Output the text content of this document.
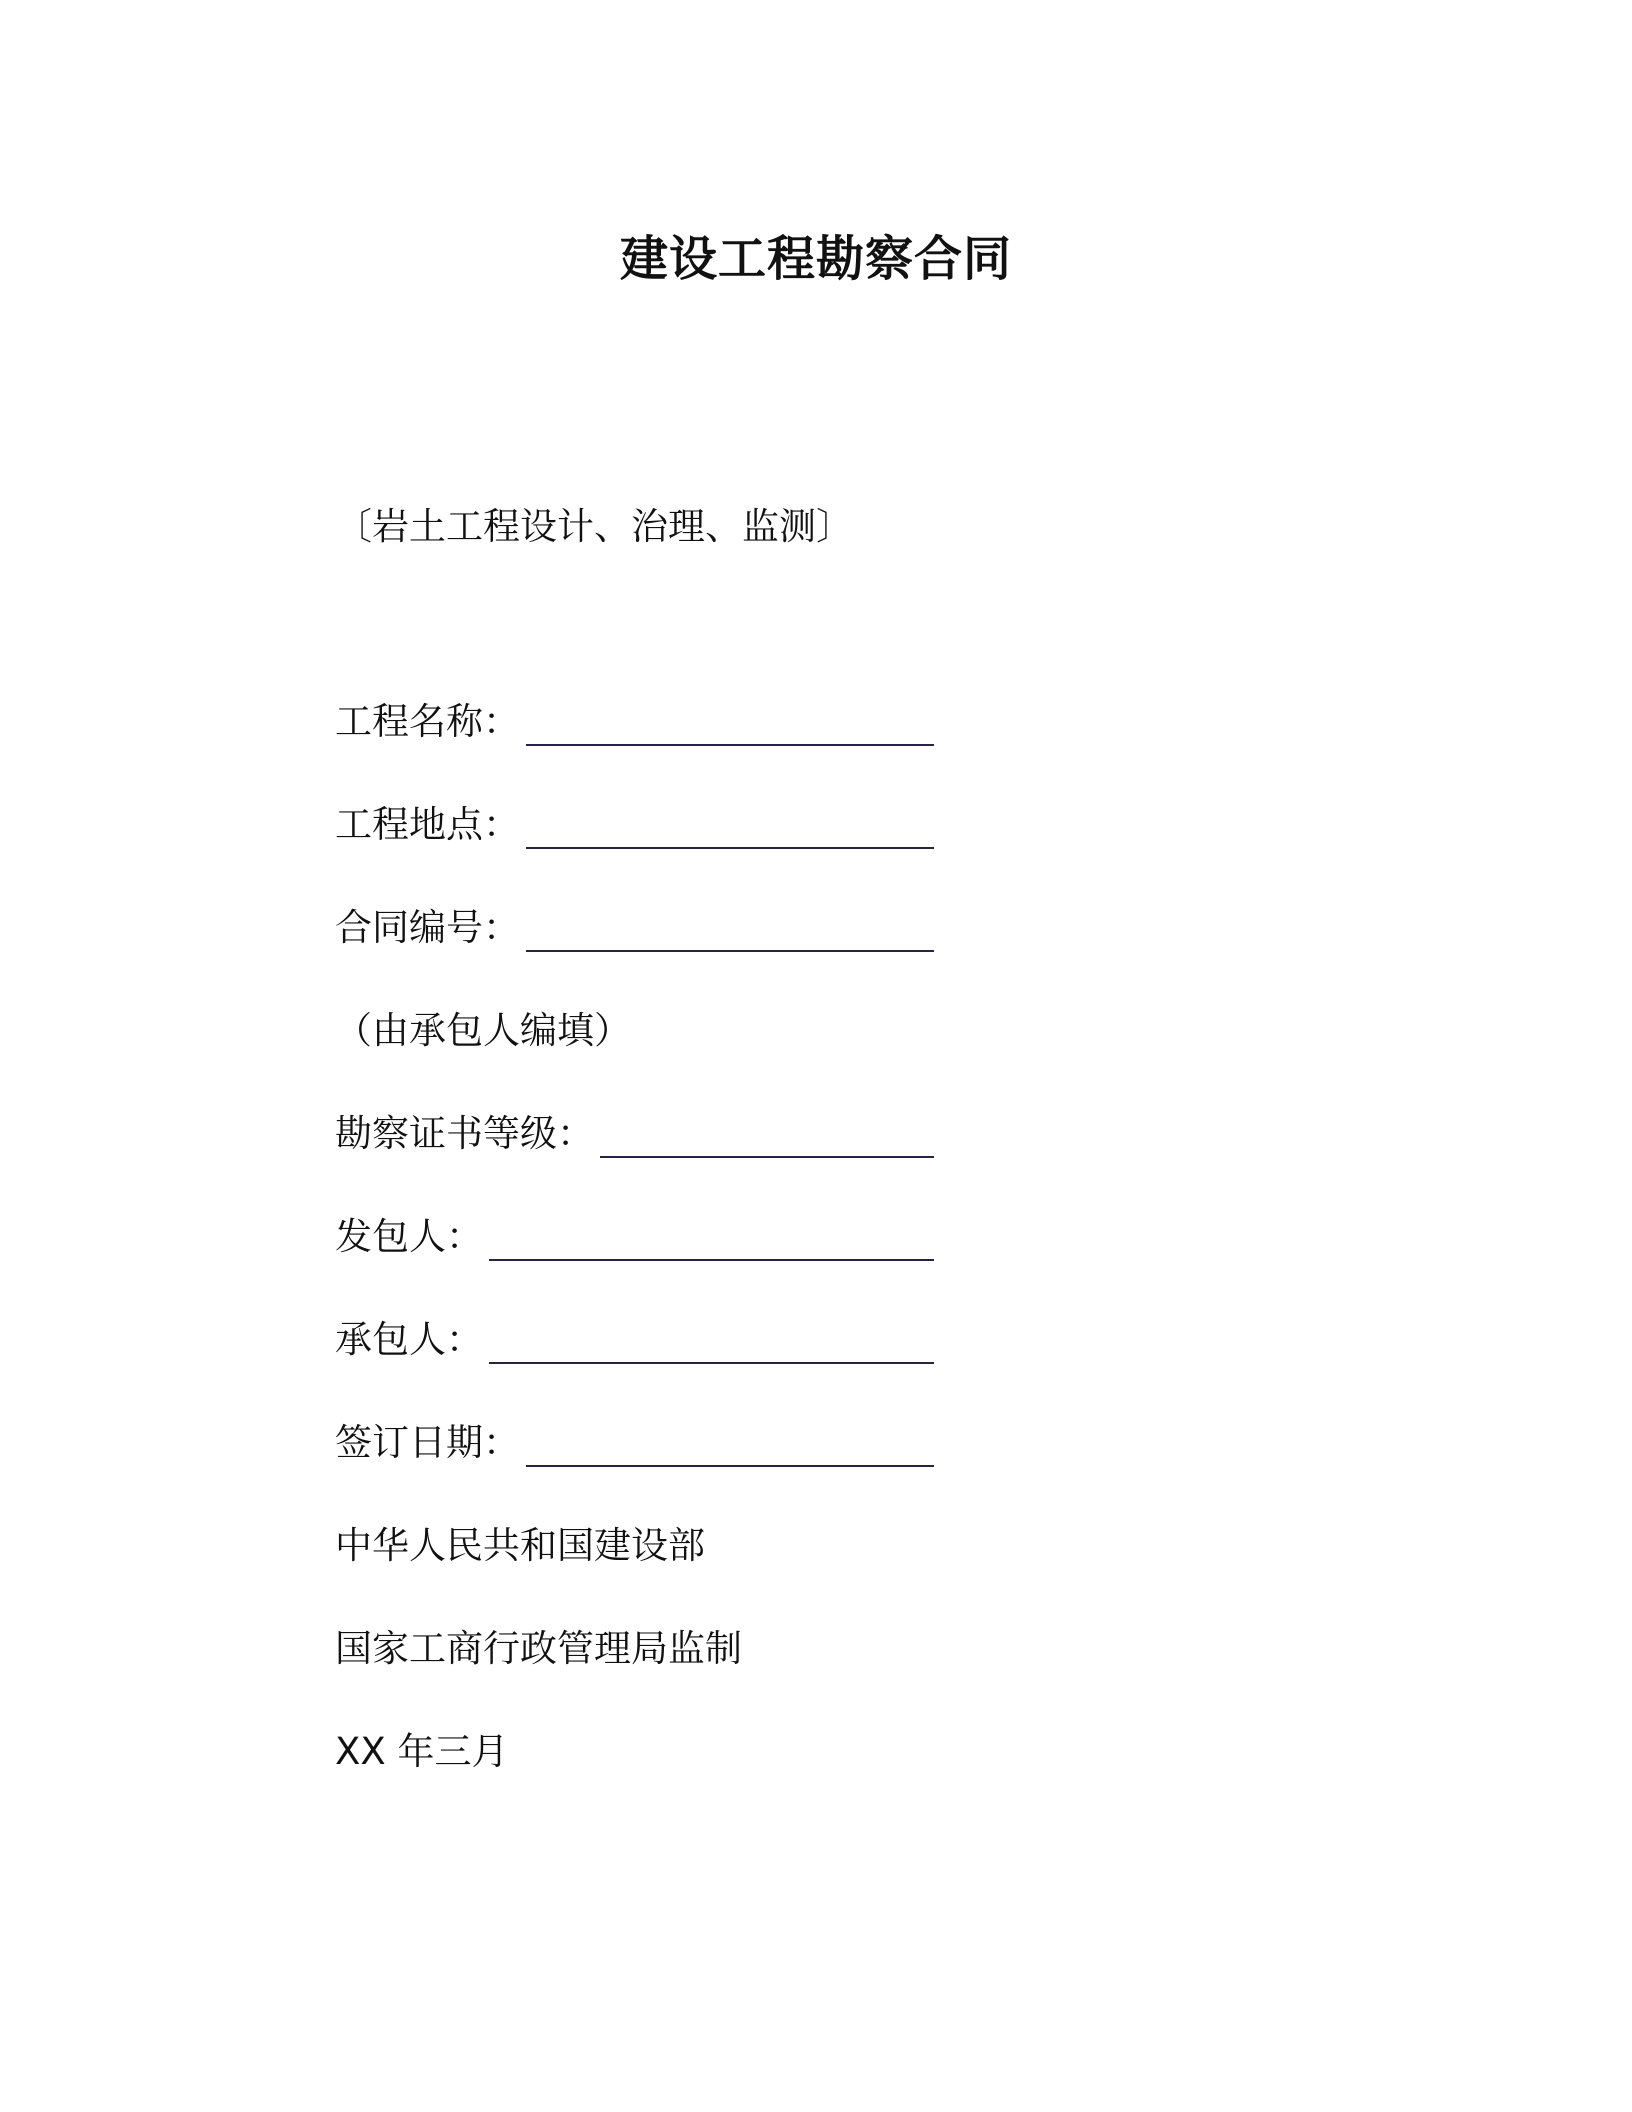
建设工程勘察合同
〔岩土工程设计、治理、监测〕
工程名称：
工程地点：
合同编号：
（由承包人编填）
勘察证书等级：
发包人：
承包人：
签订日期：
中华人民共和国建设部
国家工商行政管理局监制
XX 年三月
